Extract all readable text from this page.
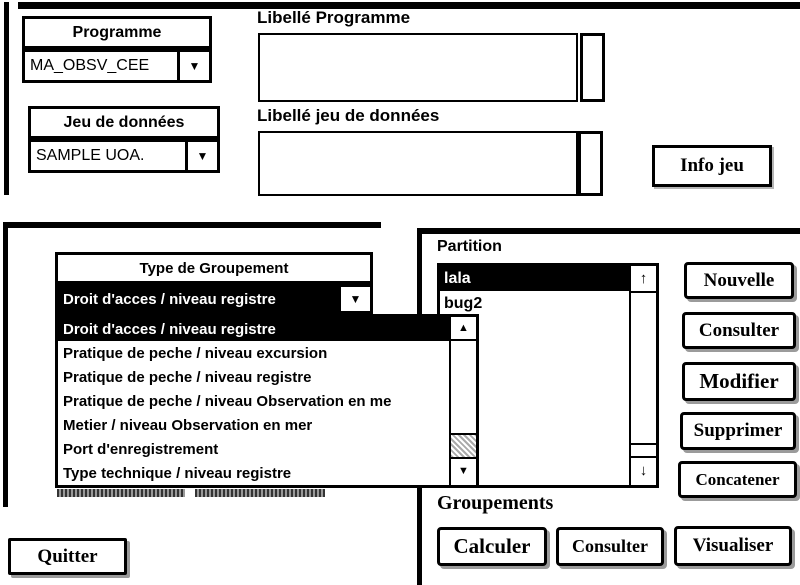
Programme
MA_OBSV_CEE	▼
Jeu de données
SAMPLE UOA.	▼
Libellé Programme
Libellé jeu de données
Info jeu
Partition
lala
bug2
↑
↓
Nouvelle
Consulter
Modifier
Supprimer
Concatener
Type de Groupement
Droit d'acces / niveau registre	▼
Droit d'acces / niveau registre
Pratique de peche / niveau excursion
Pratique de peche / niveau registre
Pratique de peche / niveau Observation en me
Metier / niveau Observation en mer
Port d'enregistrement
Type technique / niveau registre
▲
▼
Groupements
Calculer	Consulter	Visualiser
Quitter
